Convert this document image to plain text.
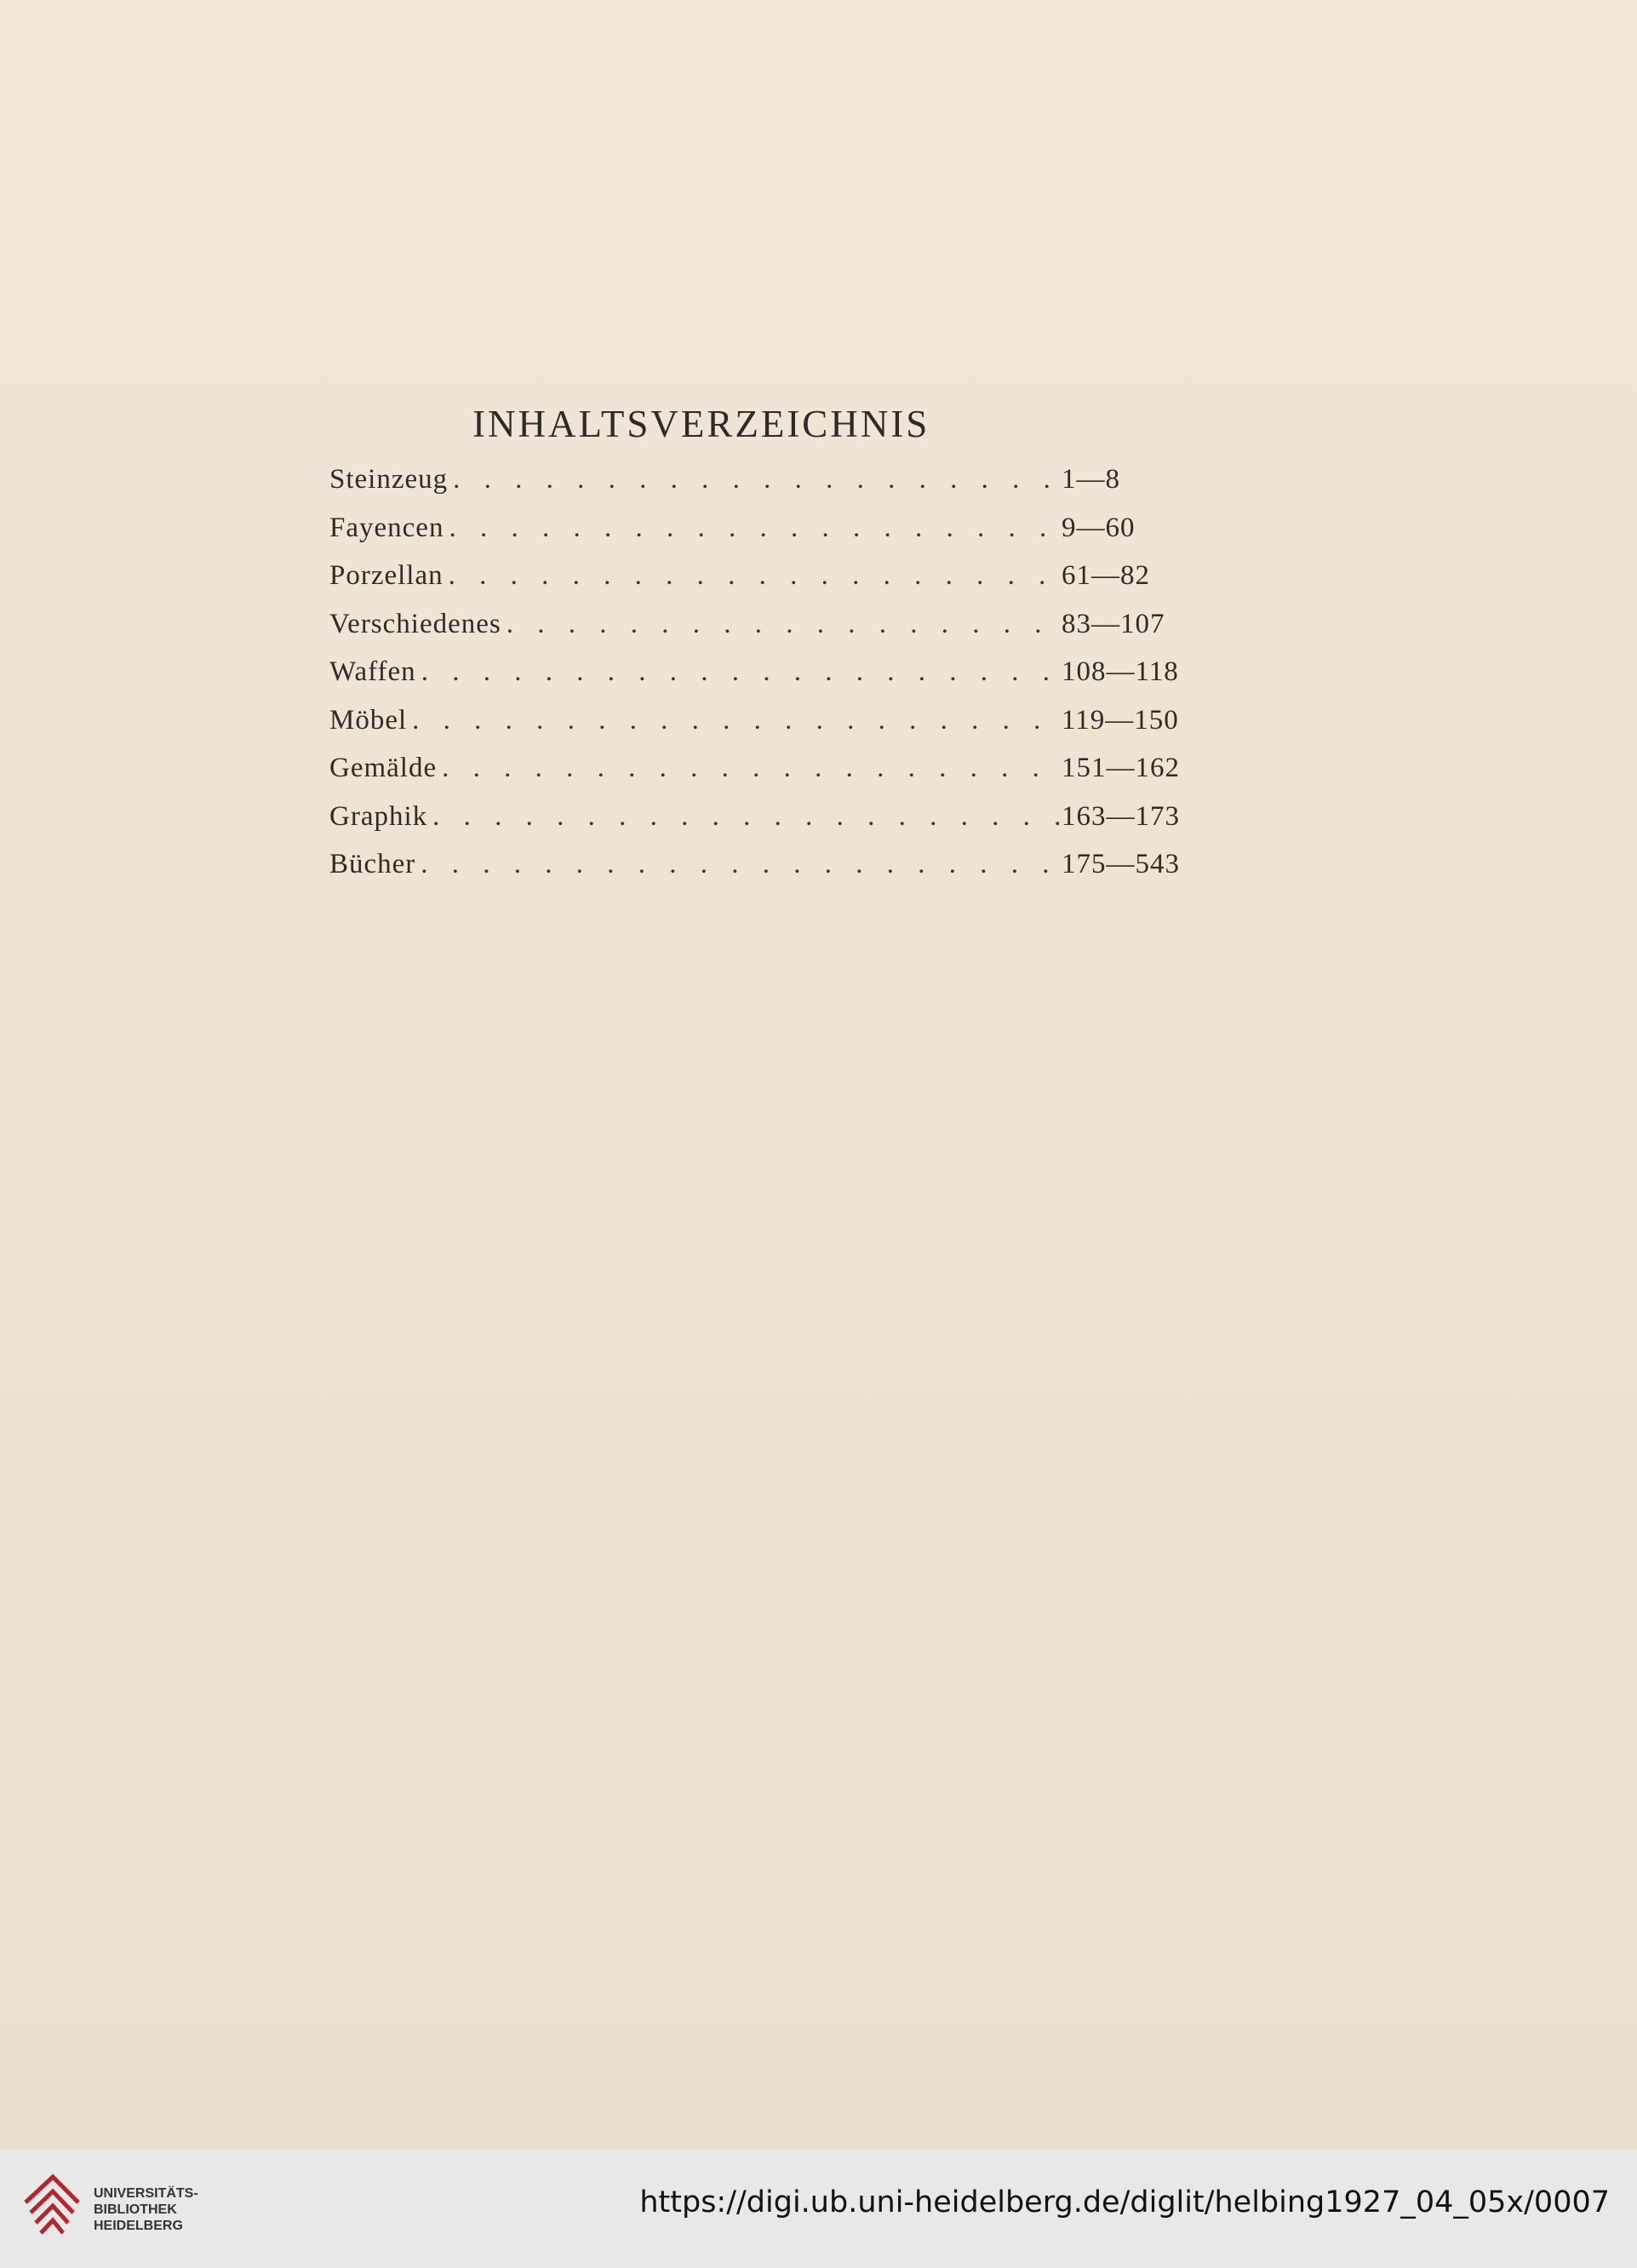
INHALTSVERZEICHNIS
Steinzeug . . .	1—8
Fayencen . . .	9—60
Porzellan . . .	61—82
Verschiedenes . . .	83—107
Waffen . . .	108—118
Möbel . . .	119—150
Gemälde . . .	151—162
Graphik . . .	163—173
Bücher . . .	175—543
UNIVERSITÄTS-
BIBLIOTHEK
HEIDELBERG
https://digi.ub.uni-heidelberg.de/diglit/helbing1927_04_05x/0007
